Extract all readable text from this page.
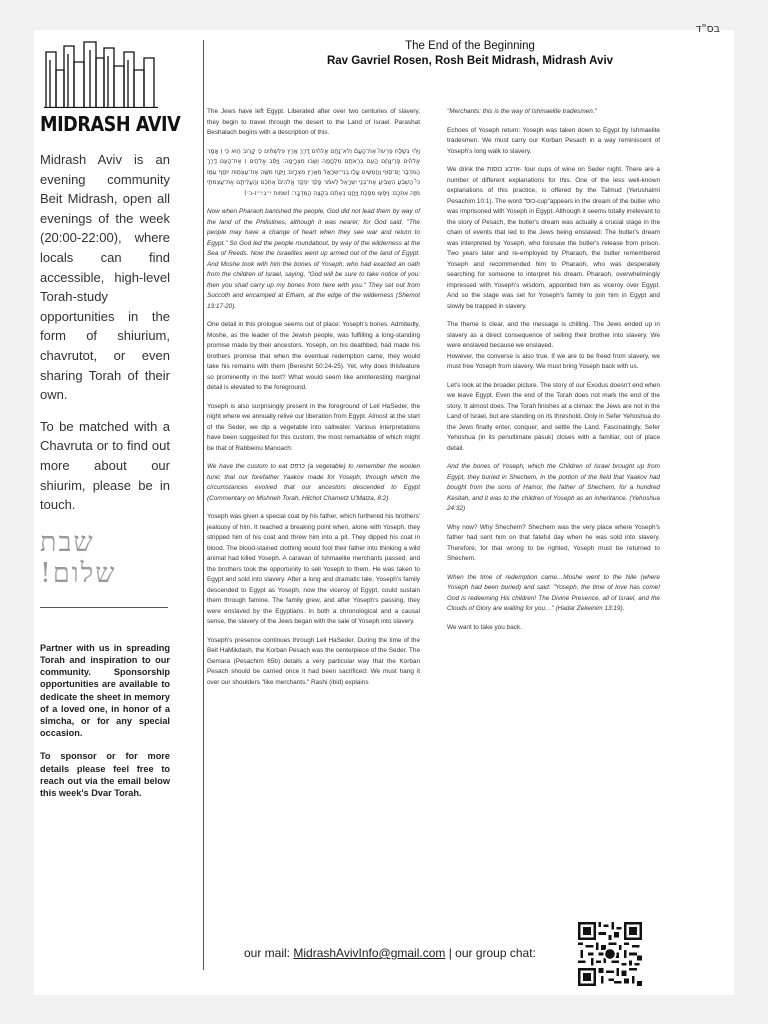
בס"ד
MIDRASH AVIV

Midrash Aviv is an evening community Beit Midrash, open all evenings of the week (20:00-22:00), where locals can find accessible, high-level Torah-study opportunities in the form of shiurium, chavrutot, or even sharing Torah of their own.

To be matched with a Chavruta or to find out more about our shiurim, please be in touch.

שבת שלום!

Partner with us in spreading Torah and inspiration to our community. Sponsorship opportunities are available to dedicate the sheet in memory of a loved one, in honor of a simcha, or for any special occasion.

To sponsor or for more details please feel free to reach out via the email below this week's Dvar Torah.

The End of the Beginning
Rav Gavriel Rosen, Rosh Beit Midrash, Midrash Aviv

The Jews have left Egypt. Liberated after over two centuries of slavery, they begin to travel through the desert to the Land of Israel. Parashat Beshalach begins with a description of this.

וַיְהִ֗י בְּשַׁלַּ֣ח פַּרְעֹה֮ אֶת־הָעָם֒ וְלֹא־נָחָ֣ם אֱלֹהִ֗ים דֶּ֚רֶךְ אֶ֣רֶץ פְּלִשְׁתִּ֔ים כִּ֥י קָר֖וֹב ה֑וּא כִּ֣י ׀ אָמַ֣ר אֱלֹהִ֗ים פֶּֽן־יִנָּחֵ֥ם הָעָ֛ם בִּרְאֹתָ֥ם מִלְחָמָ֖ה וְשָׁ֥בוּ מִצְרָֽיְמָה׃ וַיַּסֵּ֨ב אֱלֹהִ֧ים ׀ אֶת־הָעָ֛ם דֶּ֥רֶךְ הַמִּדְבָּ֖ר יַם־ס֑וּף וַחֲמֻשִׁ֛ים עָל֥וּ בְנֵי־יִשְׂרָאֵ֖ל מֵאֶ֥רֶץ מִצְרָֽיִם׃ וַיִּקַּ֥ח מֹשֶׁ֛ה אֶת־עַצְמ֥וֹת יוֹסֵ֖ף עִמּ֑וֹ כִּי֩ הַשְׁבֵּ֨עַ הִשְׁבִּ֜יעַ אֶת־בְּנֵ֤י יִשְׂרָאֵל֙ לֵאמֹ֔ר פָּקֹ֨ד יִפְקֹ֤ד אֱלֹהִים֙ אֶתְכֶ֔ם וְהַעֲלִיתֶ֧ם אֶת־עַצְמֹתַ֛י מִזֶּ֖ה אִתְּכֶֽם׃ וַיִּסְע֖וּ מִסֻּכֹּ֑ת וַיַּחֲנ֣וּ בְאֵתָ֔ם בִּקְצֵ֖ה הַמִּדְבָּֽר׃ (שמות י״ג:י״ז-כ׳)

Now when Pharaoh banished the people, God did not lead them by way of the land of the Philistines, although it was nearer; for God said, "The people may have a change of heart when they see war and return to Egypt." So God led the people roundabout, by way of the wilderness at the Sea of Reeds. Now the Israelites went up armed out of the land of Egypt. And Moshe took with him the bones of Yoseph, who had exacted an oath from the children of Israel, saying, "God will be sure to take notice of you: then you shall carry up my bones from here with you." They set out from Succoth and encamped at Etham, at the edge of the wilderness (Shemot 13:17-20).

One detail in this prologue seems out of place: Yoseph's bones. Admitedly, Moshe, as the leader of the Jewish people, was fulfilling a long-standing promise made by their ancestors. Yoseph, on his deathbed, had made his brothers promise that when the eventual redemption came, they would take his remains with them (Bereshit 50:24-25). Yet, why does thisfeature so prominently in the text? What would seem like aninteresting marginal detail is elevated to the foreground.

Yoseph is also surprisingly present in the foreground of Leil HaSeder, the night where we annually relive our liberation from Egypt. Almost at the start of the Seder, we dip a vegetable into saltwater. Various interpretations have been suggested for this custom, the most remarkable of which might be that of Rabbeinu Manoach:

We have the custom to eat כרפס (a vegetable) to remember the woolen tunic that our forefather Yaakov made for Yoseph; through which the circumstances evolved that our ancestors descended to Egypt (Commentary on Mishneh Torah, Hilchot Chametz U'Matza, 8:2)

Yoseph was given a special coat by his father, which furthered his brothers' jealousy of him. It reached a breaking point when, alone with Yoseph, they stripped him of his coat and threw him into a pit. They dipped his coat in blood. The blood-stained clothing would fool their father into thinking a wild animal had killed Yoseph. A caravan of Ishmaelite merchants passed, and the brothers took the opportunity to sell Yoseph to them. He was taken to Egypt and sold into slavery. After a long and dramatic tale, Yoseph's family descended to Egypt as Yoseph, now the viceroy of Egypt, could sustain them through famine. The family grew, and after Yoseph's passing, they were enslaved by the Egyptians. In both a chronological and a causal sense, the slavery of the Jews began with the sale of Yoseph into slavery.

Yoseph's presence continues through Leil HaSeder. During the time of the Beit HaMikdash, the Korban Pesach was the centerpiece of the Seder. The Gemara (Pesachim 65b) details a very particular way that the Korban Pesach should be carried once it had been sacrificed: We must hang it over our shoulders "like merchants." Rashi (ibid) explains

"Merchants: this is the way of Ishmaelite tradesmen."

Echoes of Yoseph return: Yoseph was taken down to Egypt by Ishmaelite tradesmen. We must carry our Korban Pesach in a way reminiscent of Yoseph's long walk to slavery.

We drink the ארבע כוסות- four cups of wine on Seder night. There are a number of different explanations for this. One of the less well-known explanations of this practice, is offered by the Talmud (Yerushalmi Pesachim 10:1). The word "כוס-cup"appears in the dream of the butler who was imprisoned with Yoseph in Egypt. Although it seems totally irrelevant to the story of Pesach, the butler's dream was actually a crucial stage in the chain of events that led to the Jews being enslaved: The butler's dream was interpreted by Yoseph, who foresaw the butler's release from prison. Two years later and re-employed by Pharaoh, the butler remembered Yoseph and recommended him to Pharaoh, who was desperately searching for someone to interpret his dream. Pharaoh, overwhelmingly impressed with Yoseph's wisdom, appointed him as viceroy over Egypt. And so the stage was set for Yoseph's family to join him in Egypt and slowly be trapped in slavery.

The theme is clear, and the message is chilling. The Jews ended up in slavery as a direct consequence of selling their brother into slavery. We were enslaved because we enslaved.

However, the converse is also true. If we are to be freed from slavery, we must free Yoseph from slavery. We must bring Yoseph back with us.

Let's look at the broader picture. The story of our Exodus doesn't end when we leave Egypt. Even the end of the Torah does not mark the end of the story. It almost does. The Torah finishes at a climax: the Jews are not in the Land of Israel, but are standing on its threshold. Only in Sefer Yehoshua do the Jews finally enter, conquer, and settle the Land. Fascinatingly, Sefer Yehoshua (in its penultimate pasuk) closes with a familiar, out of place detail.

And the bones of Yoseph, which the Children of Israel brought up from Egypt, they buried in Shechem, in the portion of the field that Yaakov had bought from the sons of Hamor, the father of Shechem, for a hundred Kesitah, and it was to the children of Yoseph as an inheritance. (Yehoshua 24:32)

Why now? Why Shechem? Shechem was the very place where Yoseph's father had sent him on that fateful day when he was sold into slavery. Therefore, for that wrong to be righted, Yoseph must be returned to Shechem.

When the time of redemption came…Moshe went to the Nile (where Yoseph had been buried) and said: "Yoseph, the time of love has come! God is redeeming His children! The Divine Presence, all of Israel, and the Clouds of Glory are waiting for you…" (Hadar Zekeinim 13:19).

We want to take you back.

our mail: MidrashAvivInfo@gmail.com | our group chat:
